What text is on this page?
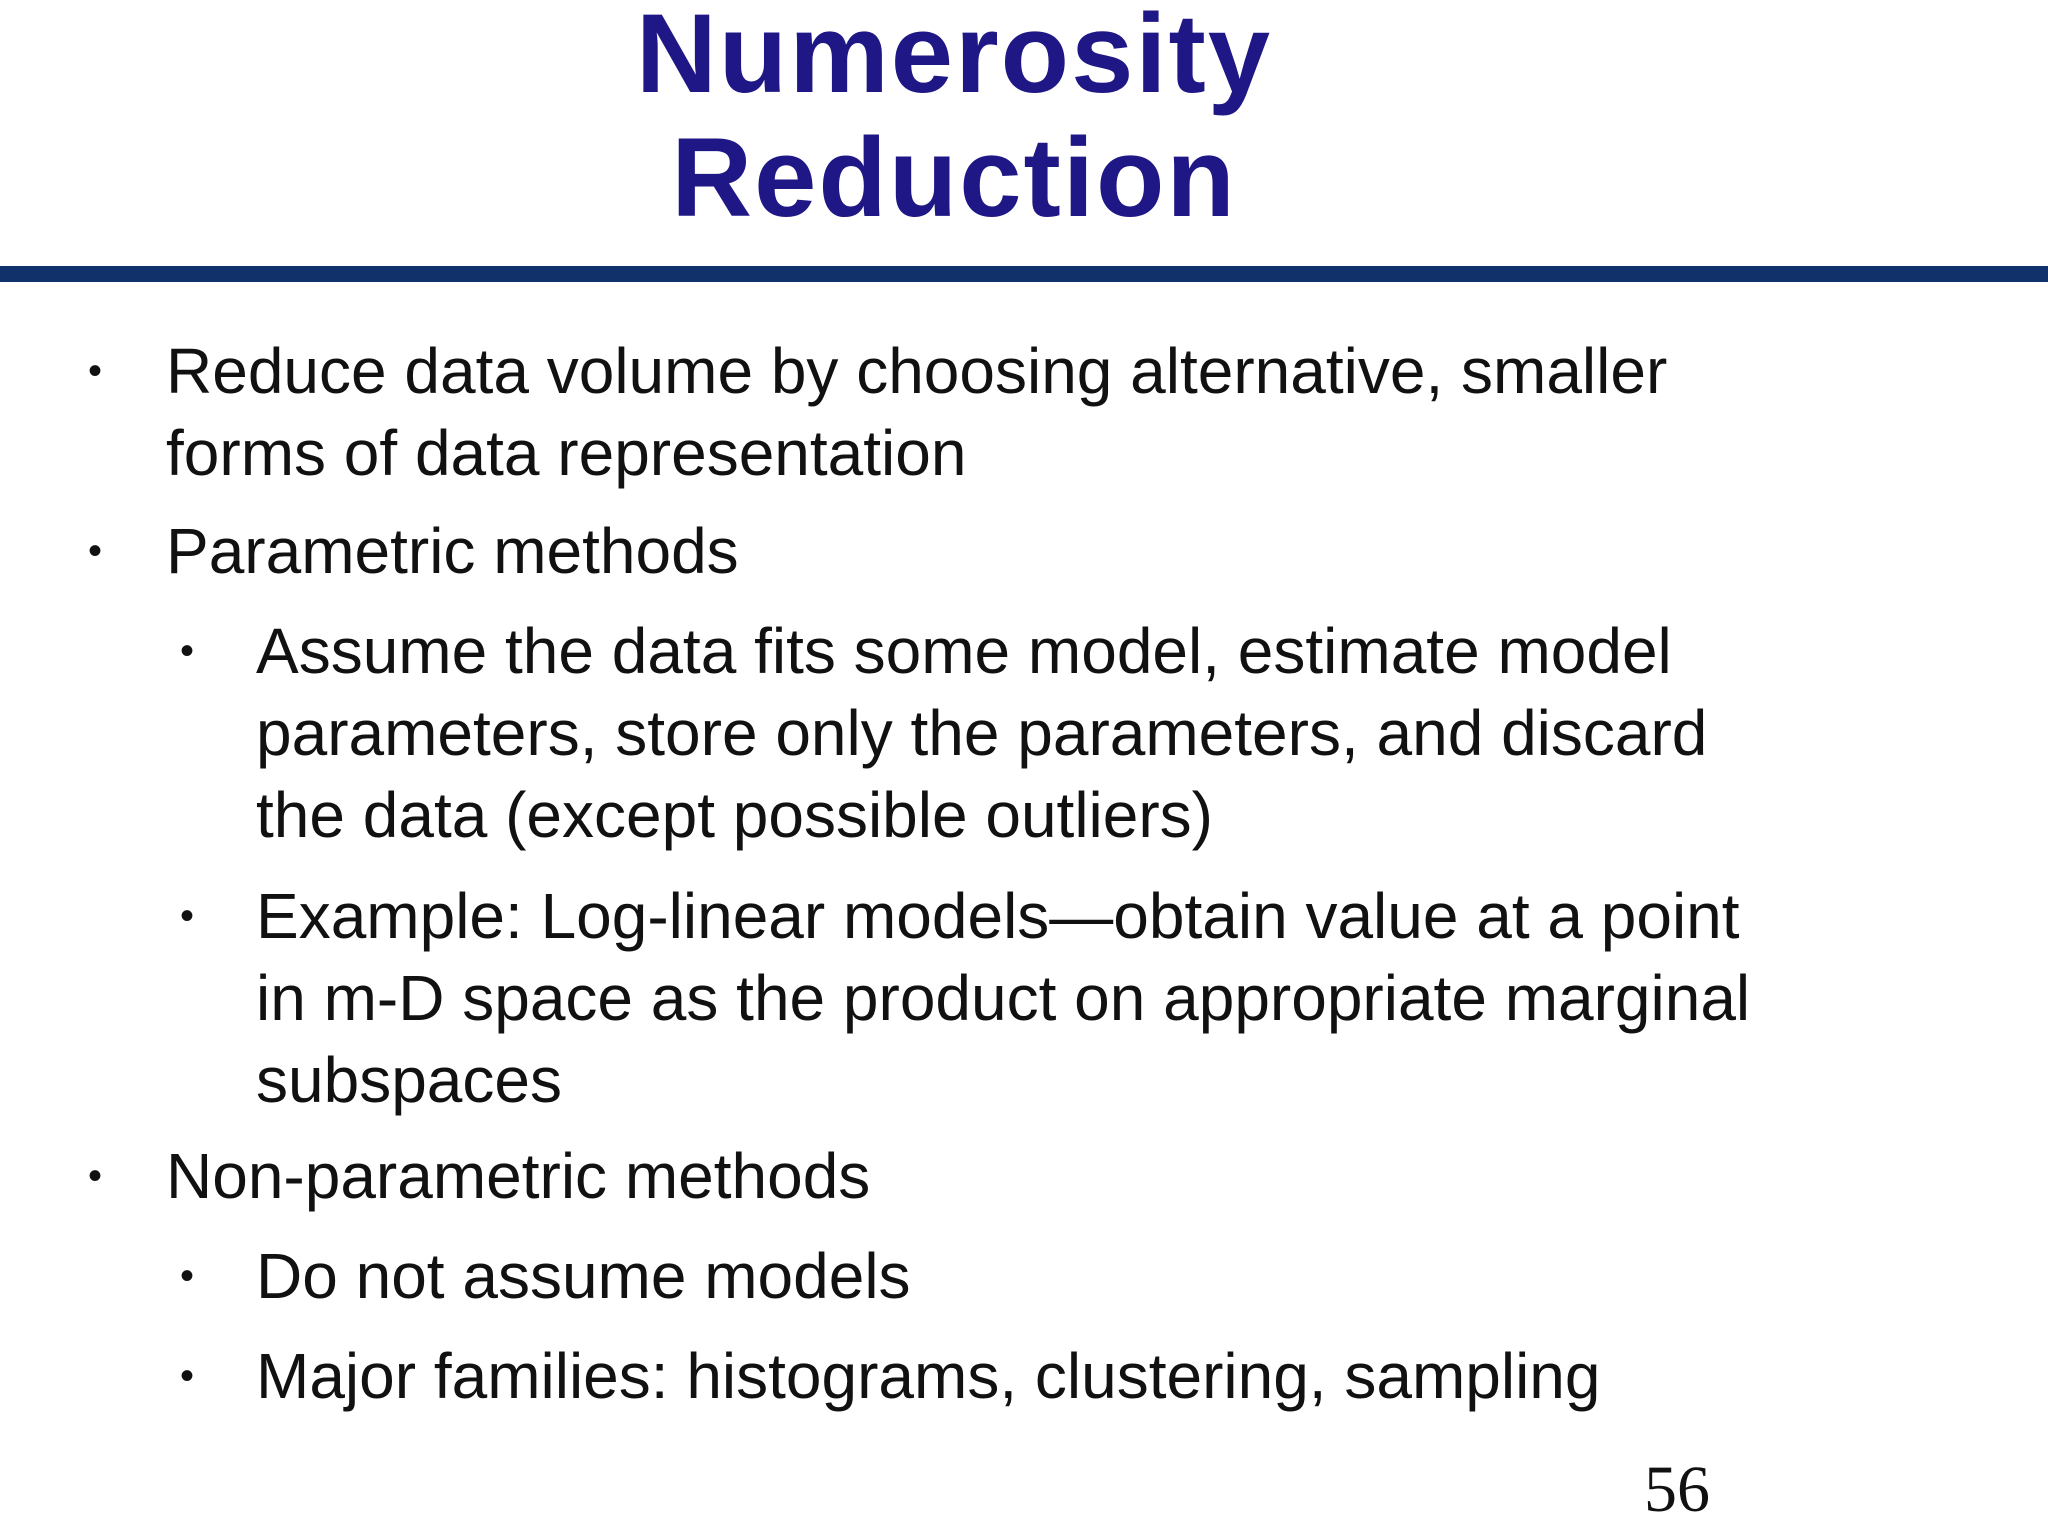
Numerosity
Reduction
• Reduce data volume by choosing alternative, smaller
forms of data representation
• Parametric methods
• Assume the data fits some model, estimate model
parameters, store only the parameters, and discard
the data (except possible outliers)
• Example: Log-linear models—obtain value at a point
in m-D space as the product on appropriate marginal
subspaces
• Non-parametric methods
• Do not assume models
• Major families: histograms, clustering, sampling
56
